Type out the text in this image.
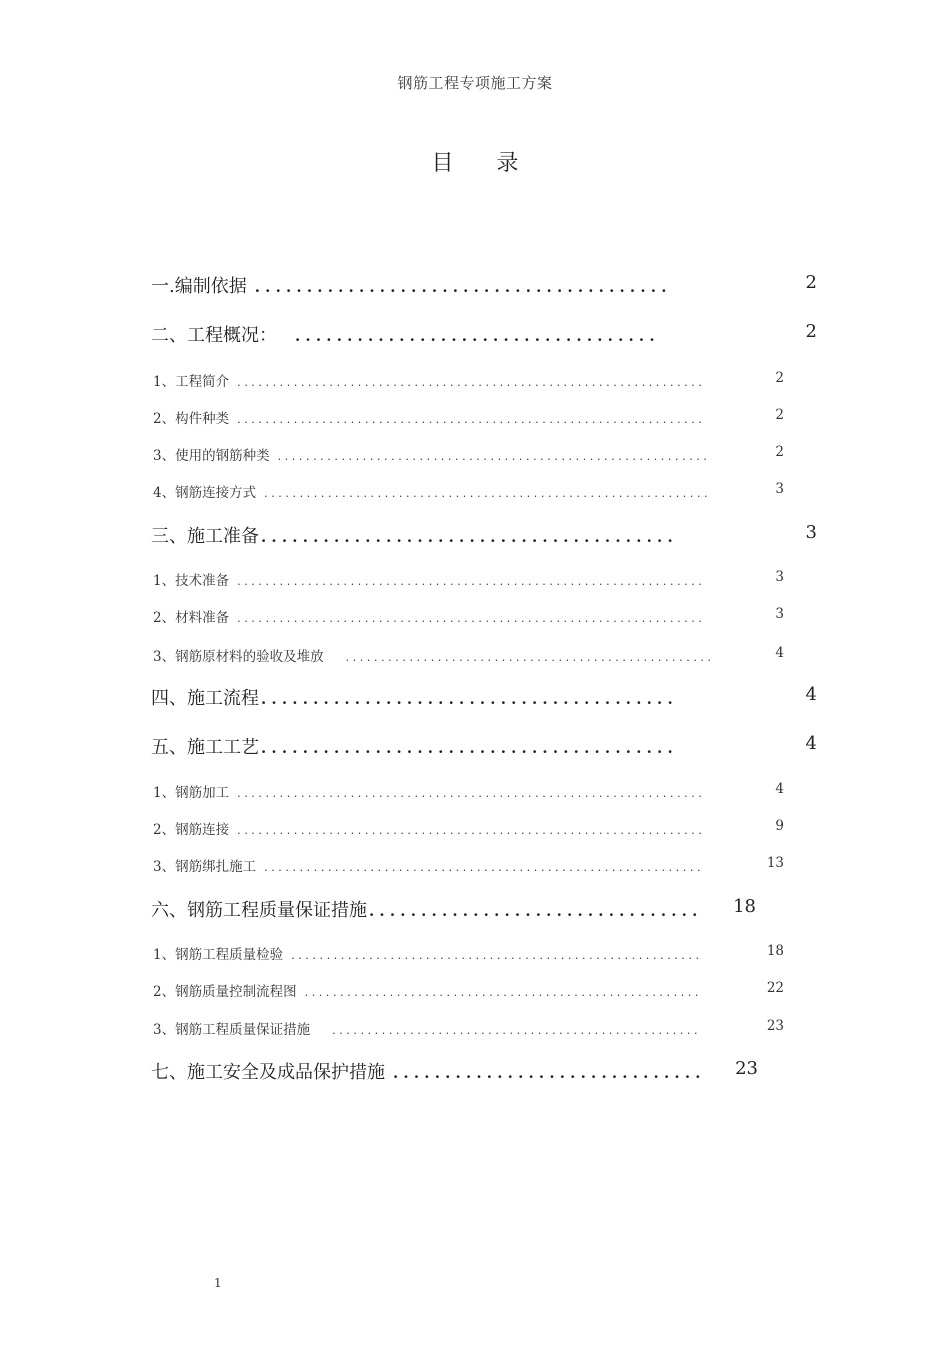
钢筋工程专项施工方案
目 录
一.编制依据 ........................................	2
二、工程概况： ...................................	2
1、工程简介 ..................................................................	2
2、构件种类 ..................................................................	2
3、使用的钢筋种类 .............................................................	2
4、钢筋连接方式 ...............................................................	3
三、施工准备 ........................................	3
1、技术准备 ..................................................................	3
2、材料准备 ..................................................................	3
3、钢筋原材料的验收及堆放 ....................................................	4
四、施工流程 ........................................	4
五、施工工艺 ........................................	4
1、钢筋加工 ..................................................................	4
2、钢筋连接 ..................................................................	9
3、钢筋绑扎施工 ..............................................................	13
六、钢筋工程质量保证措施 ................................	18
1、钢筋工程质量检验 ..........................................................	18
2、钢筋质量控制流程图 ........................................................	22
3、钢筋工程质量保证措施 ....................................................	23
七、施工安全及成品保护措施 ..............................	23
1
